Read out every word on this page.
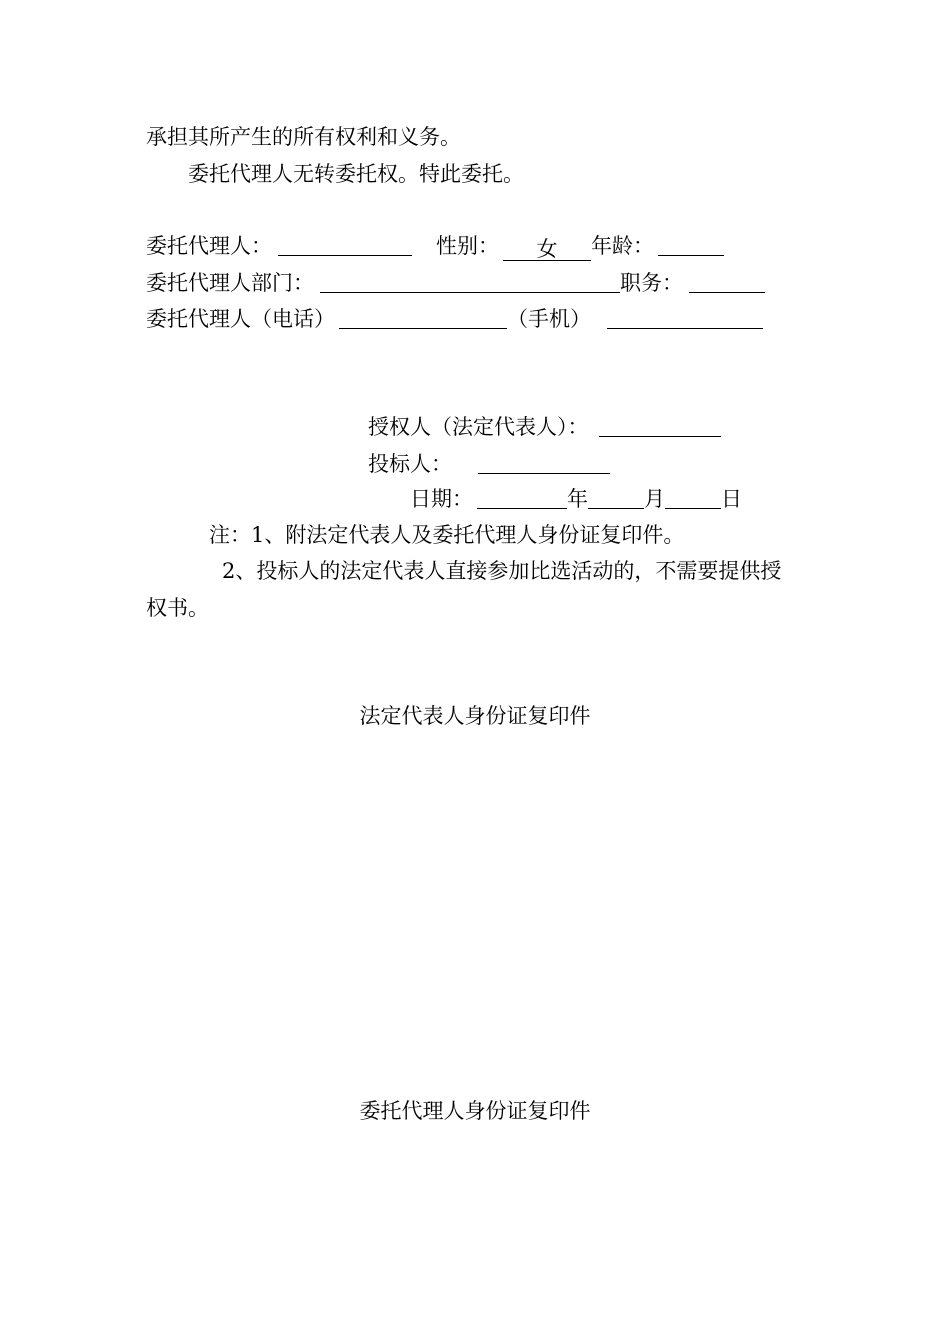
承担其所产生的所有权利和义务。
委托代理人无转委托权。特此委托。
委托代理人：	性别： 女 年龄：
委托代理人部门：	职务：
委托代理人（电话）	（手机）
授权人（法定代表人）：
投标人：
日期：	年	月	日
注：1、附法定代表人及委托代理人身份证复印件。
2、投标人的法定代表人直接参加比选活动的，不需要提供授
权书。
法定代表人身份证复印件
委托代理人身份证复印件
